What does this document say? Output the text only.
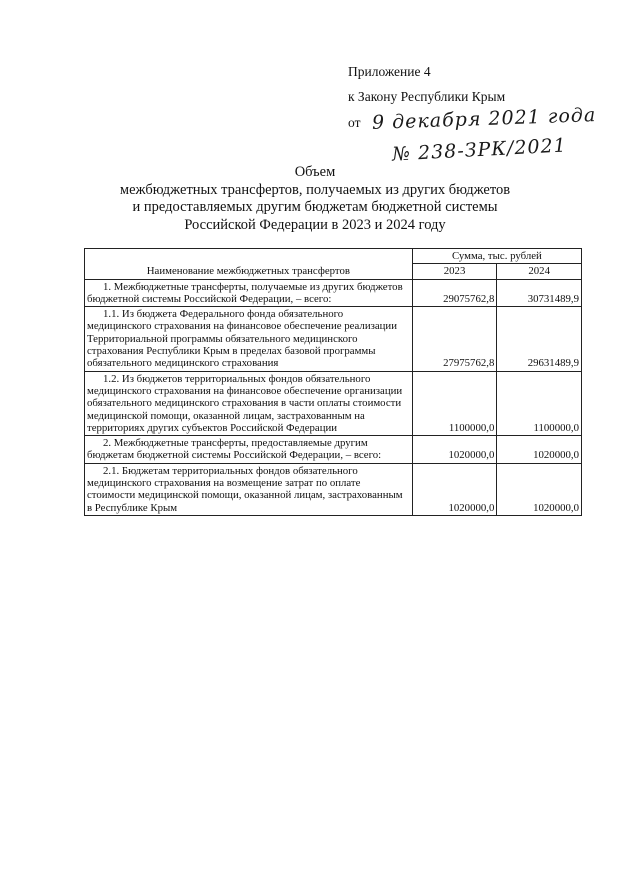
Приложение 4
к Закону Республики Крым
от 9 декабря 2021 года
№ 238-ЗРК/2021
Объем
межбюджетных трансфертов, получаемых из других бюджетов
и предоставляемых другим бюджетам бюджетной системы
Российской Федерации в 2023 и 2024 году
Наименование межбюджетных трансфертов	Сумма, тыс. рублей	
	2023	2024
1. Межбюджетные трансферты, получаемые из других бюджетов бюджетной системы Российской Федерации, – всего:	29075762,8	30731489,9
1.1. Из бюджета Федерального фонда обязательного медицинского страхования на финансовое обеспечение реализации Территориальной программы обязательного медицинского страхования Республики Крым в пределах базовой программы обязательного медицинского страхования	27975762,8	29631489,9
1.2. Из бюджетов территориальных фондов обязательного медицинского страхования на финансовое обеспечение организации обязательного медицинского страхования в части оплаты стоимости медицинской помощи, оказанной лицам, застрахованным на территориях других субъектов Российской Федерации	1100000,0	1100000,0
2. Межбюджетные трансферты, предоставляемые другим бюджетам бюджетной системы Российской Федерации, – всего:	1020000,0	1020000,0
2.1. Бюджетам территориальных фондов обязательного медицинского страхования на возмещение затрат по оплате стоимости медицинской помощи, оказанной лицам, застрахованным в Республике Крым	1020000,0	1020000,0
